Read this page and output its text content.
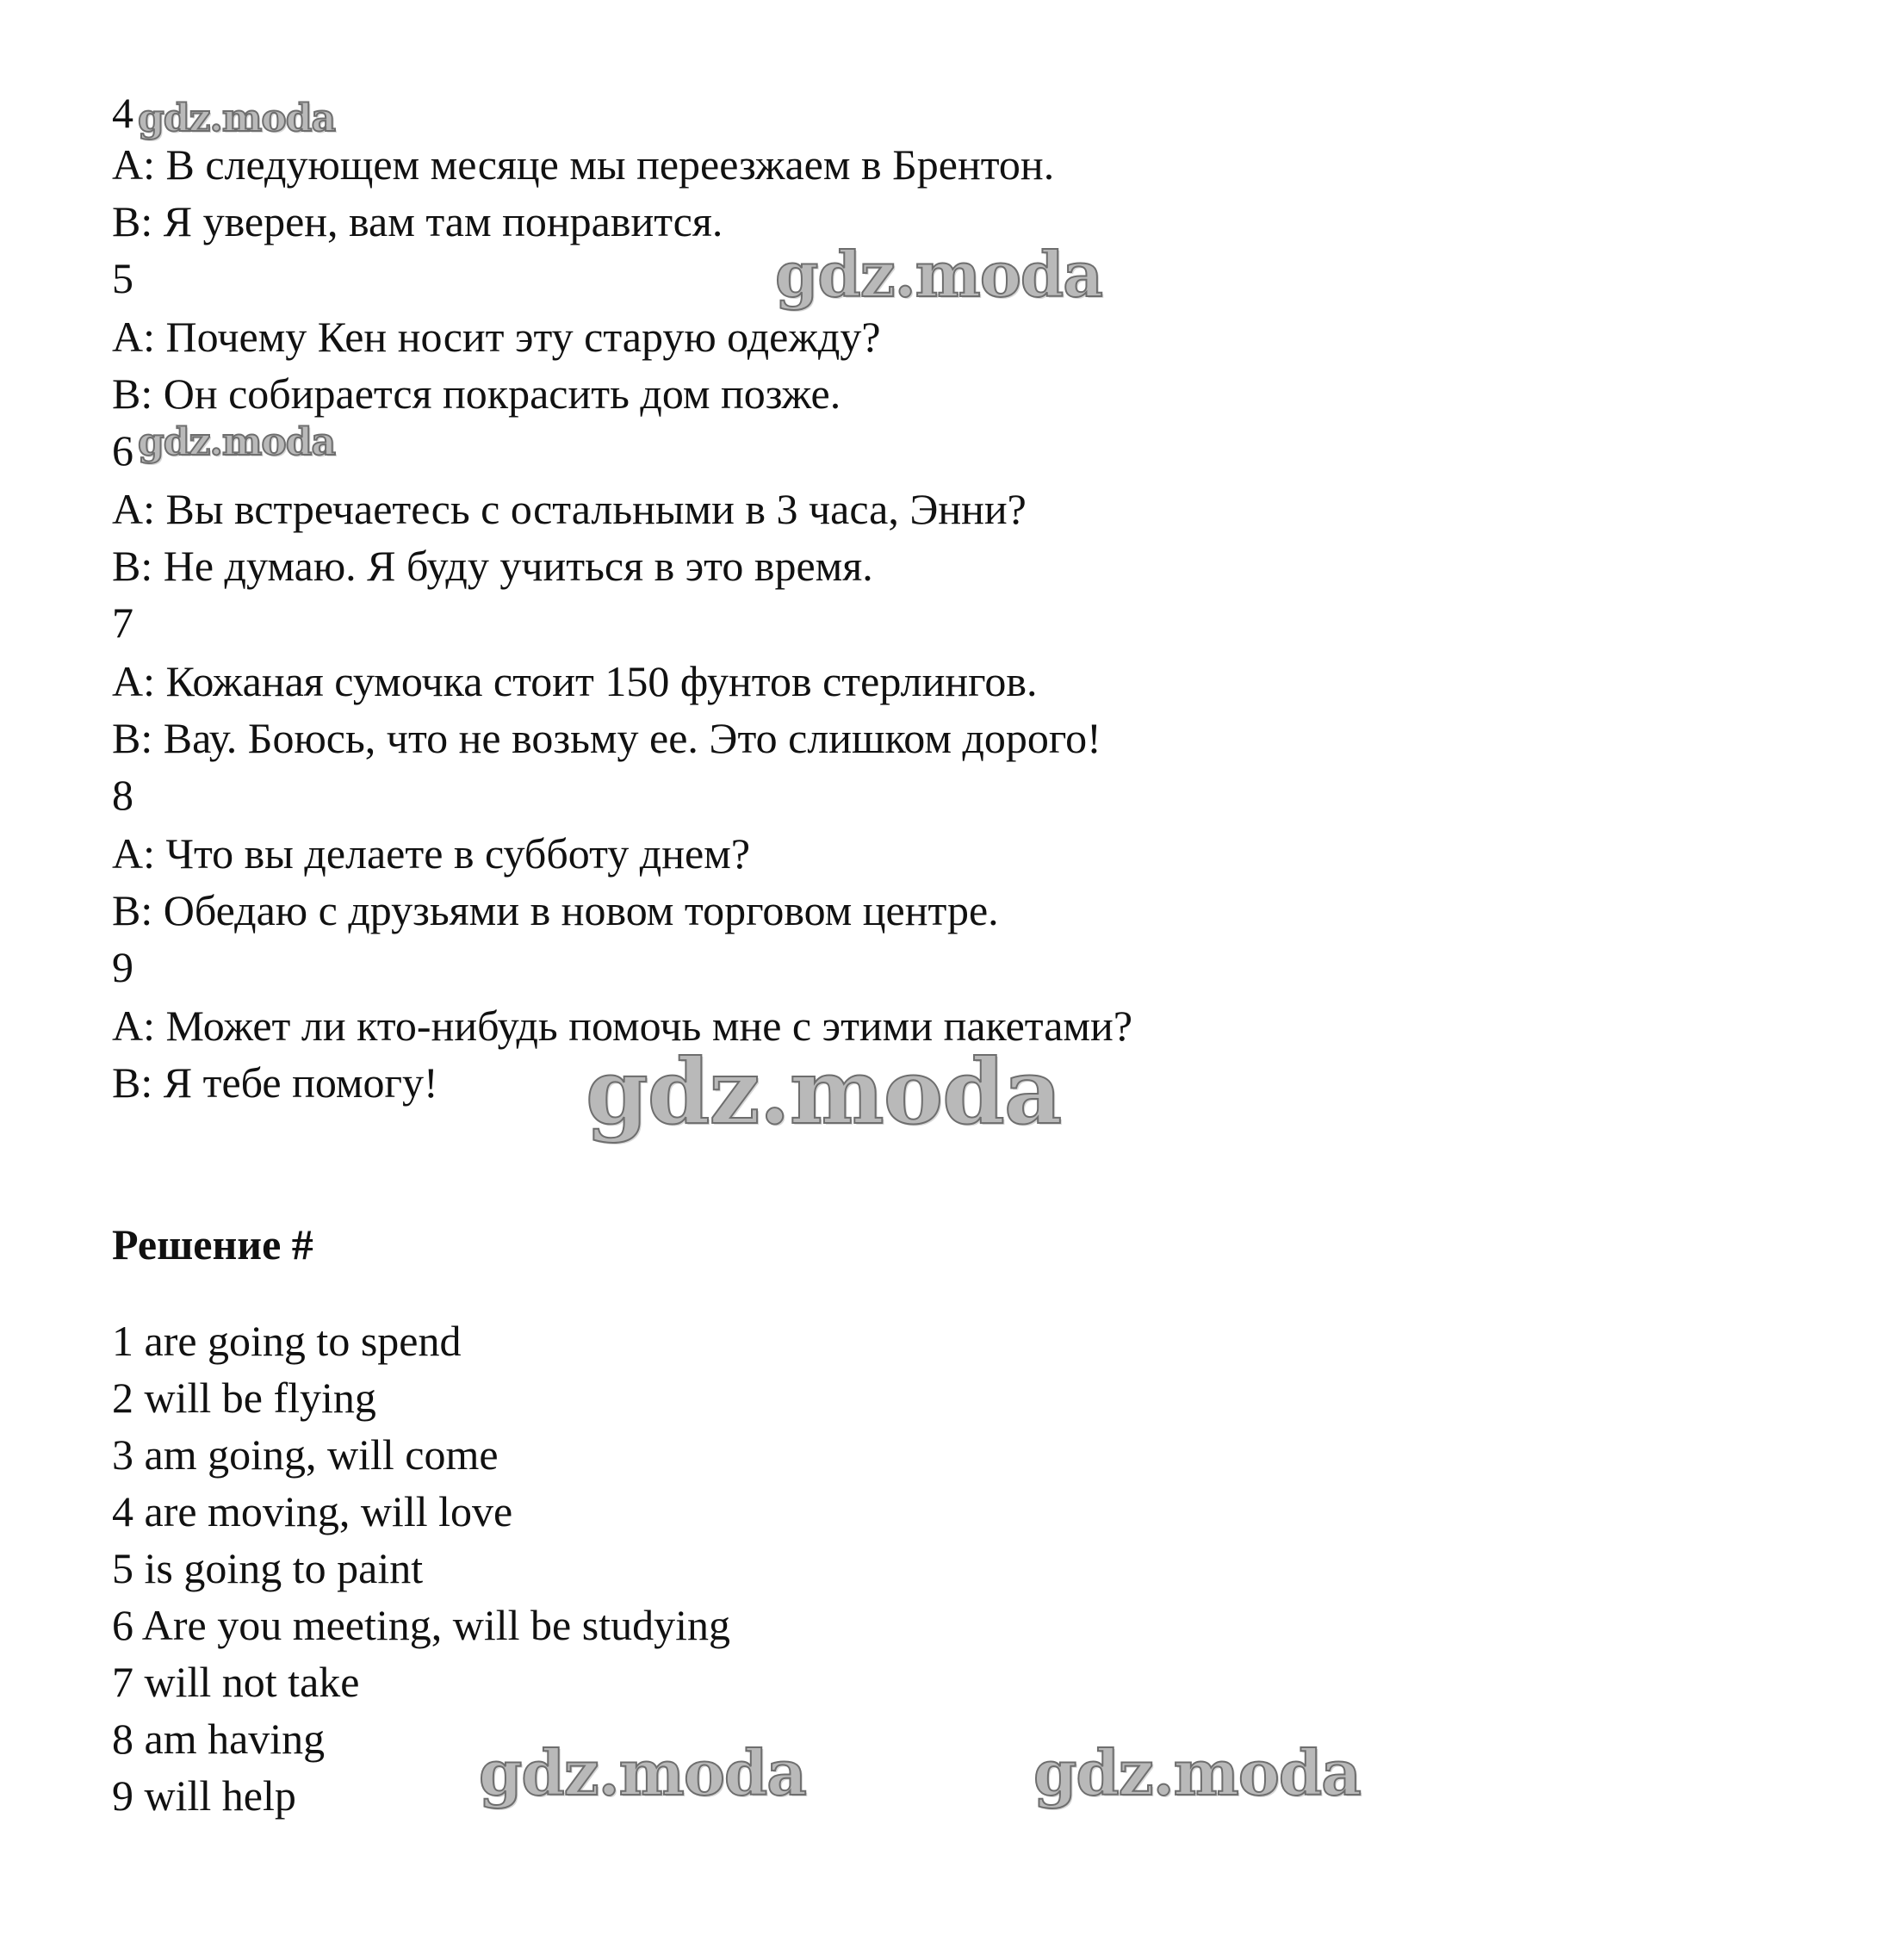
4
A: В следующем месяце мы переезжаем в Брентон.
B: Я уверен, вам там понравится.
5
A: Почему Кен носит эту старую одежду?
B: Он собирается покрасить дом позже.
6
A: Вы встречаетесь с остальными в 3 часа, Энни?
B: Не думаю. Я буду учиться в это время.
7
A: Кожаная сумочка стоит 150 фунтов стерлингов.
B: Вау. Боюсь, что не возьму ее. Это слишком дорого!
8
A: Что вы делаете в субботу днем?
B: Обедаю с друзьями в новом торговом центре.
9
A: Может ли кто-нибудь помочь мне с этими пакетами?
B: Я тебе помогу!
Решение #
1 are going to spend
2 will be flying
3 am going, will come
4 are moving, will love
5 is going to paint
6 Are you meeting, will be studying
7 will not take
8 am having
9 will help
gdz.moda
gdz.moda
gdz.moda
gdz.moda
gdz.moda	gdz.moda
